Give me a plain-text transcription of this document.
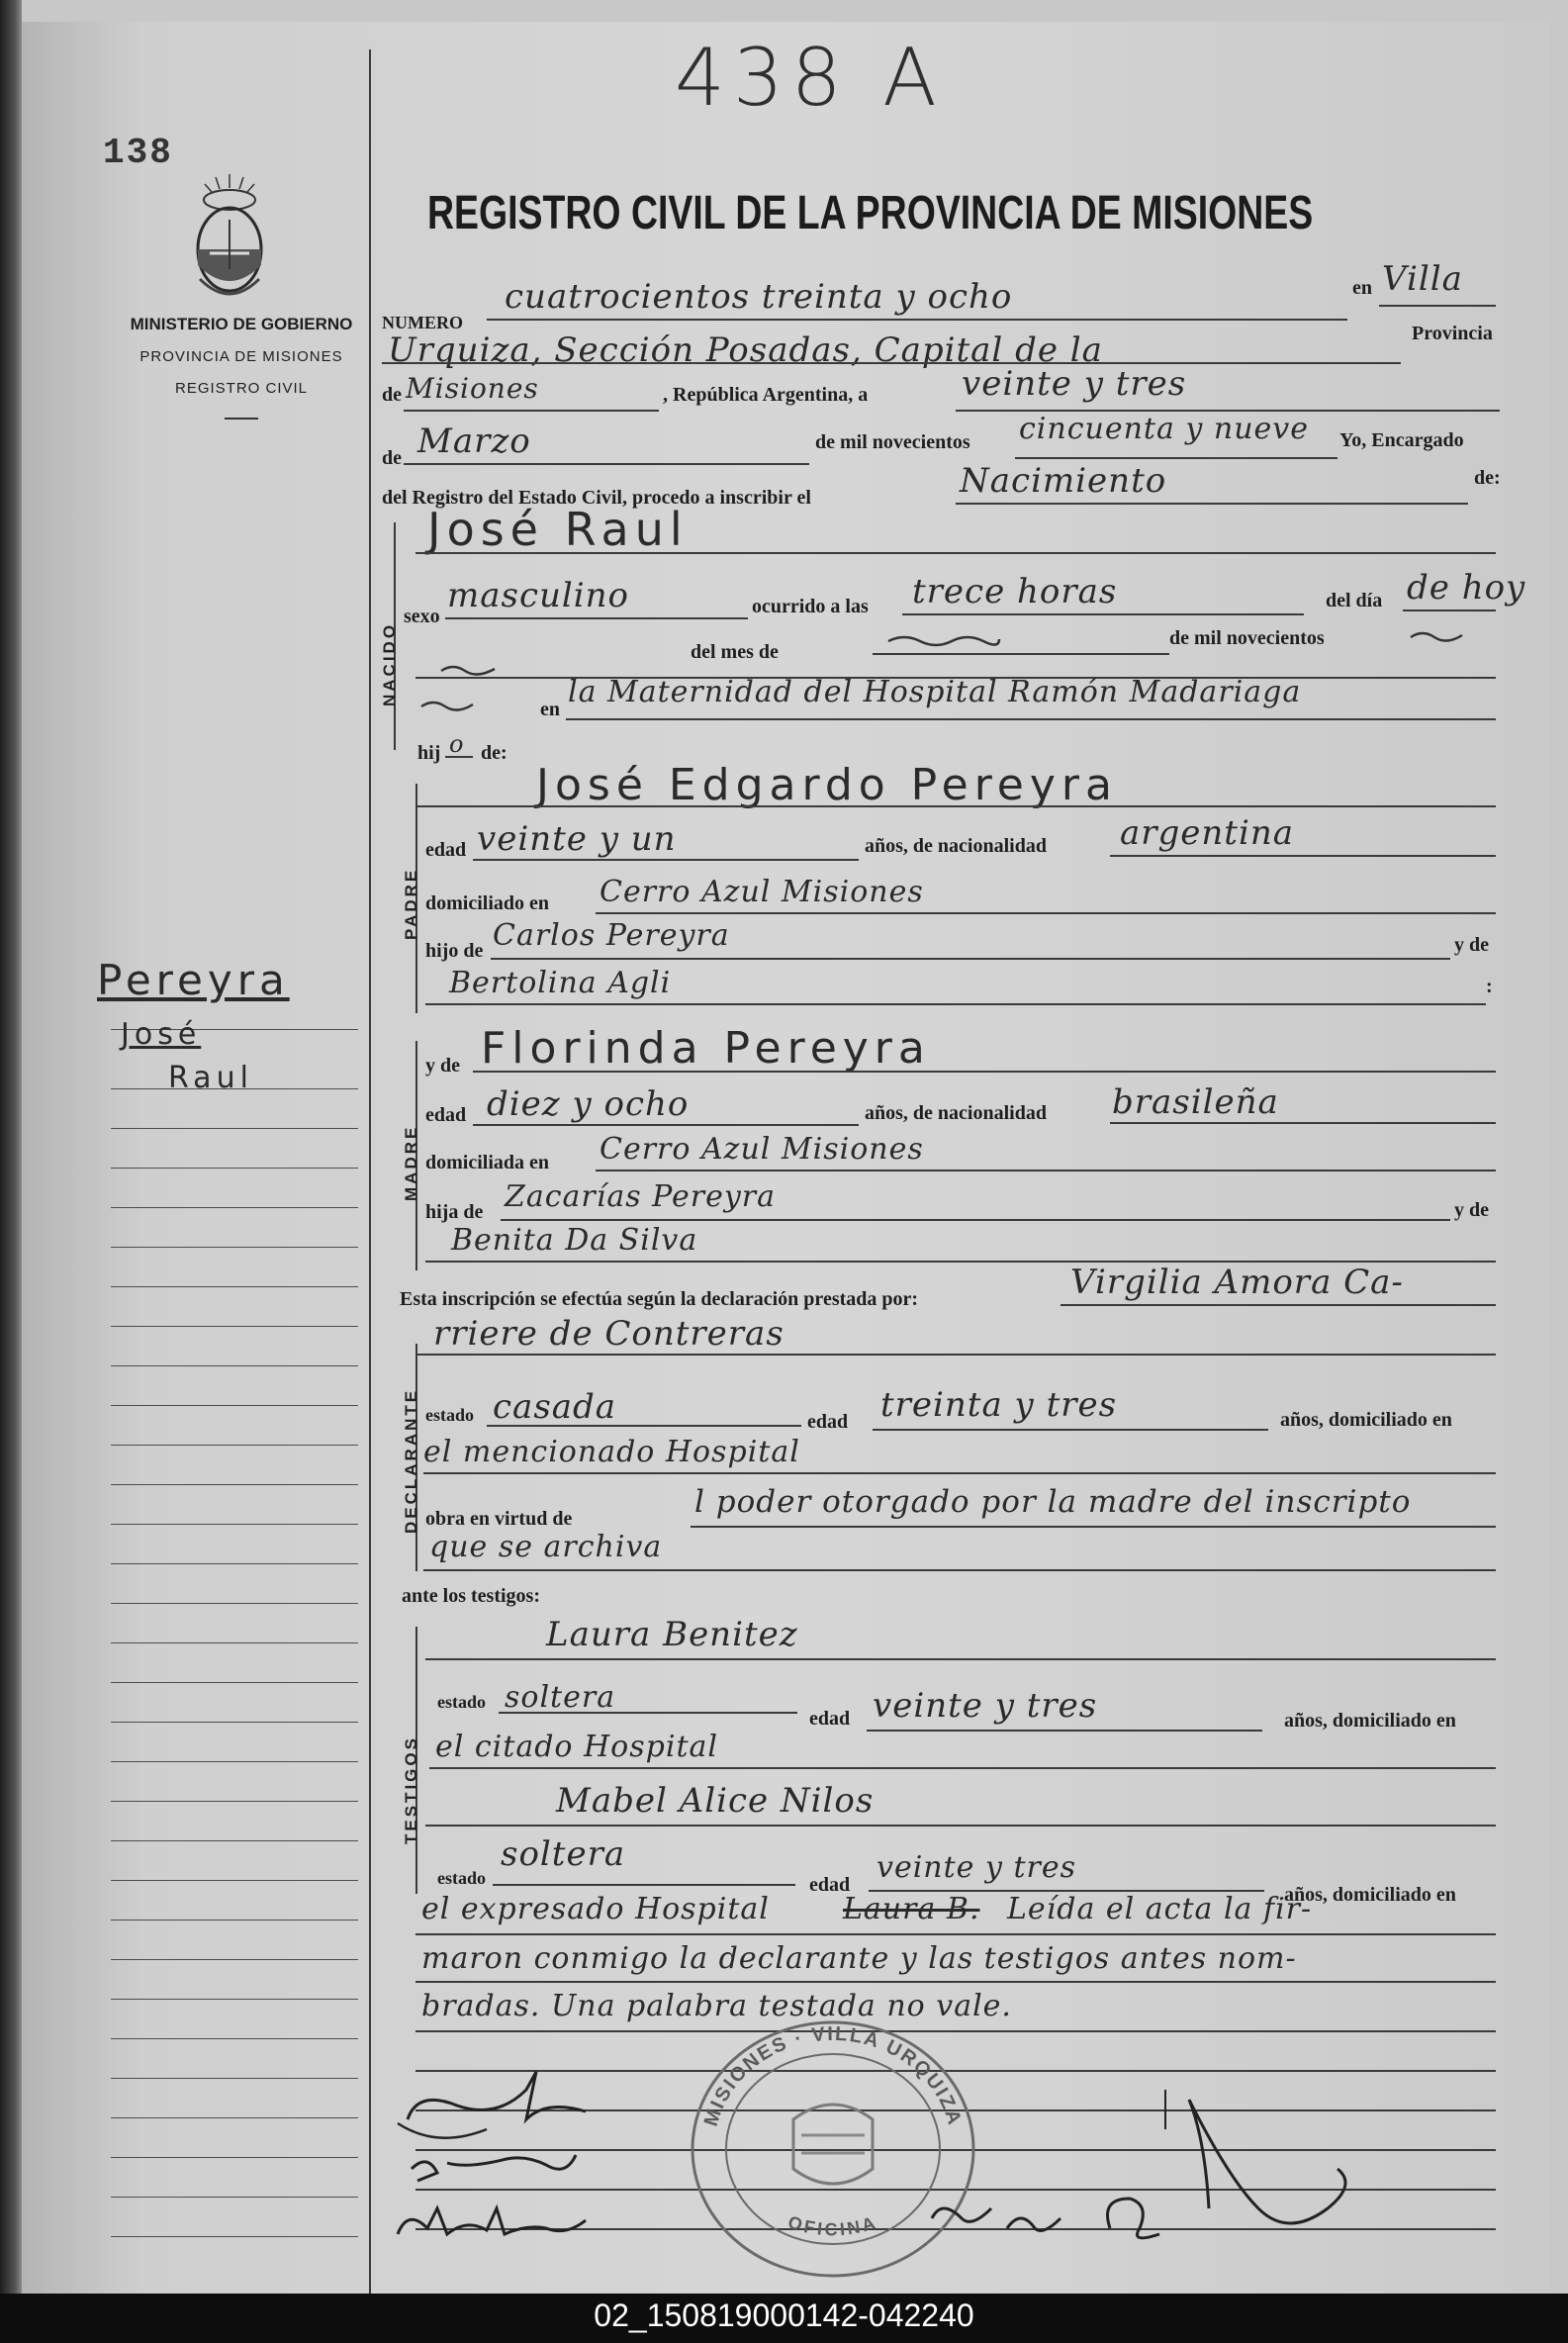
438 A
138
MINISTERIO DE GOBIERNO
PROVINCIA DE MISIONES
REGISTRO CIVIL
Pereyra
José
Raul
REGISTRO CIVIL DE LA PROVINCIA DE MISIONES
NUMERO
cuatrocientos treinta y ocho	en Villa
Urquiza, Sección Posadas, Capital de la	Provincia
de Misiones	, República Argentina, a	veinte y tres
de Marzo	de mil novecientos cincuenta y nueve Yo, Encargado
del Registro del Estado Civil, procedo a inscribir el	Nacimiento	de:
NACIDO
José Raul
sexo
masculino	ocurrido a las trece horas	del día de hoy
del mes de
de mil novecientos
en la Maternidad del Hospital Ramón Madariaga
hij o de:
PADRE
José Edgardo Pereyra
edad veinte y un	años, de nacionalidad argentina
domiciliado en Cerro Azul Misiones
hijo de Carlos Pereyra	y de
Bertolina Agli	:
MADRE
y de Florinda Pereyra
edad diez y ocho	años, de nacionalidad brasileña
domiciliada en Cerro Azul Misiones
hija de Zacarías Pereyra	y de
Benita Da Silva
Esta inscripción se efectúa según la declaración prestada por:	Virgilia Amora Ca-
rriere de Contreras
DECLARANTE estado casada	edad treinta y tres	años, domiciliado en
el mencionado Hospital
obra en virtud de	l poder otorgado por la madre del inscripto
que se archiva
ante los testigos:
TESTIGOS
Laura Benitez
estado soltera
edad veinte y tres	años, domiciliado en
el citado Hospital
Mabel Alice Nilos
estado
soltera
edad veinte y tres
años, domiciliado en
el expresado Hospital Laura B. Leída el acta la fir-
maron conmigo la declarante y las testigos antes nom-
bradas. Una palabra testada no vale.
MISIONES · VILLA URQUIZA
OFICINA
02_150819000142-042240
